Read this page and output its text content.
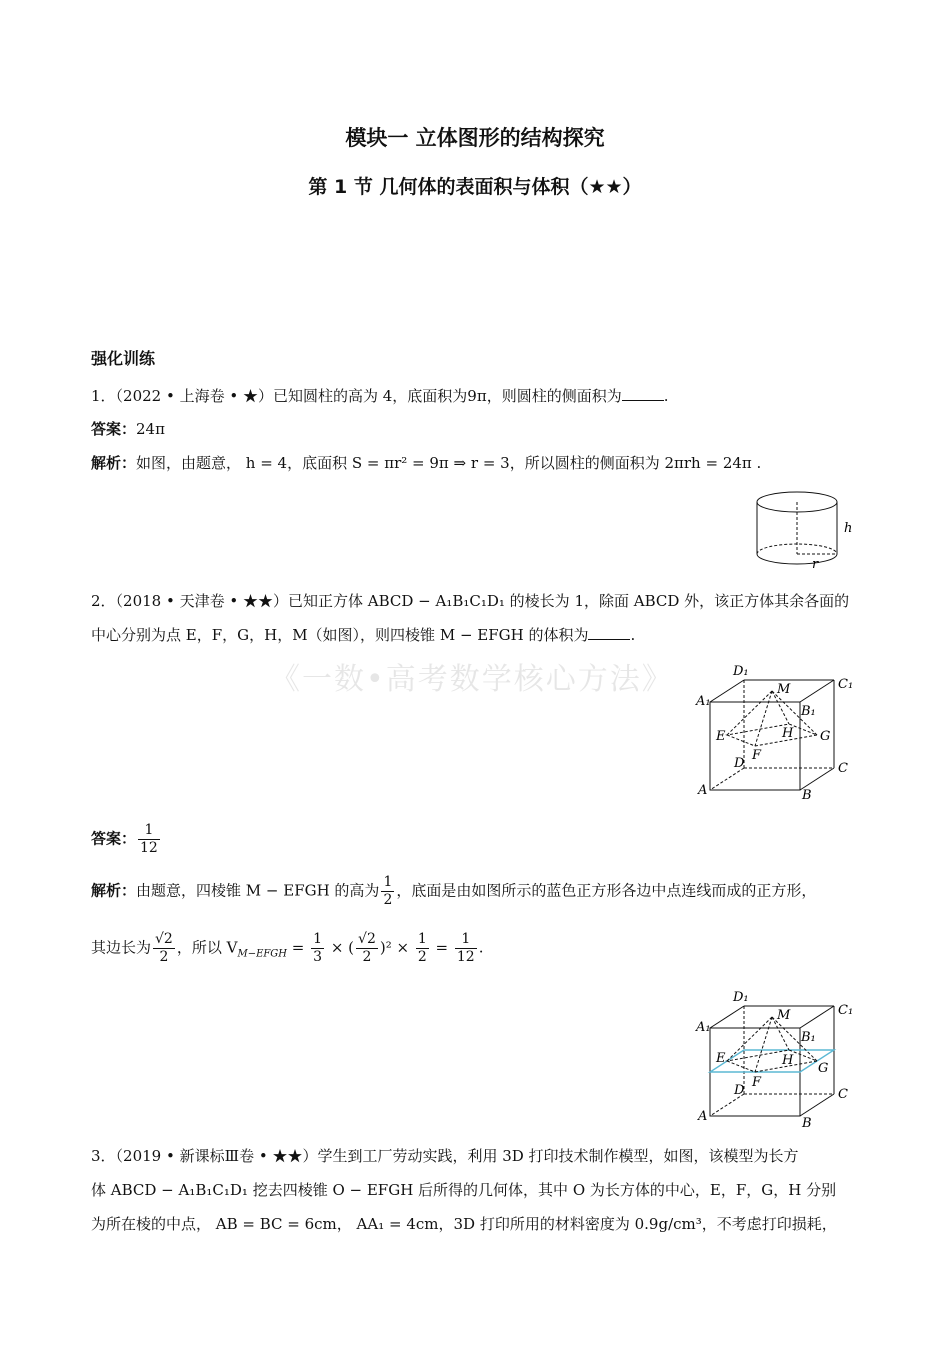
模块一 立体图形的结构探究
第 1 节 几何体的表面积与体积（★★）
《一数•高考数学核心方法》
强化训练
1．（2022 • 上海卷 • ★）已知圆柱的高为 4，底面积为9π，则圆柱的侧面积为	.
答案：24π
解析：如图，由题意， h = 4，底面积 S = πr² = 9π ⇒ r = 3，所以圆柱的侧面积为 2πrh = 24π .
h
r
2．（2018 • 天津卷 • ★★）已知正方体 ABCD − A₁B₁C₁D₁ 的棱长为 1，除面 ABCD 外，该正方体其余各面的
中心分别为点 E，F，G，H，M（如图），则四棱锥 M − EFGH 的体积为	.
D₁
C₁
A₁
B₁
M
E	H G
F
D	C
A	B
答案： $\frac{1}{12}$
解析：由题意，四棱锥 M − EFGH 的高为 $\frac{1}{2}$ ，底面是由如图所示的蓝色正方形各边中点连线而成的正方形，
其边长为 $\frac{√2}{2}$ ，所以 $V_{M-EFGH} = \frac{1}{3}$ × ( $\frac{√2}{2} )^2 \times \frac{1}{2} = \frac{1}{12}$ .
D₁
C₁
A₁
B₁
M
E	H
G
F
D	C
A	B
3．（2019 • 新课标Ⅲ卷 • ★★）学生到工厂劳动实践，利用 3D 打印技术制作模型，如图，该模型为长方
体 ABCD − A₁B₁C₁D₁ 挖去四棱锥 O − EFGH 后所得的几何体，其中 O 为长方体的中心，E，F，G，H 分别
为所在棱的中点， AB = BC = 6cm， AA₁ = 4cm，3D 打印所用的材料密度为 0.9g/cm³，不考虑打印损耗，
